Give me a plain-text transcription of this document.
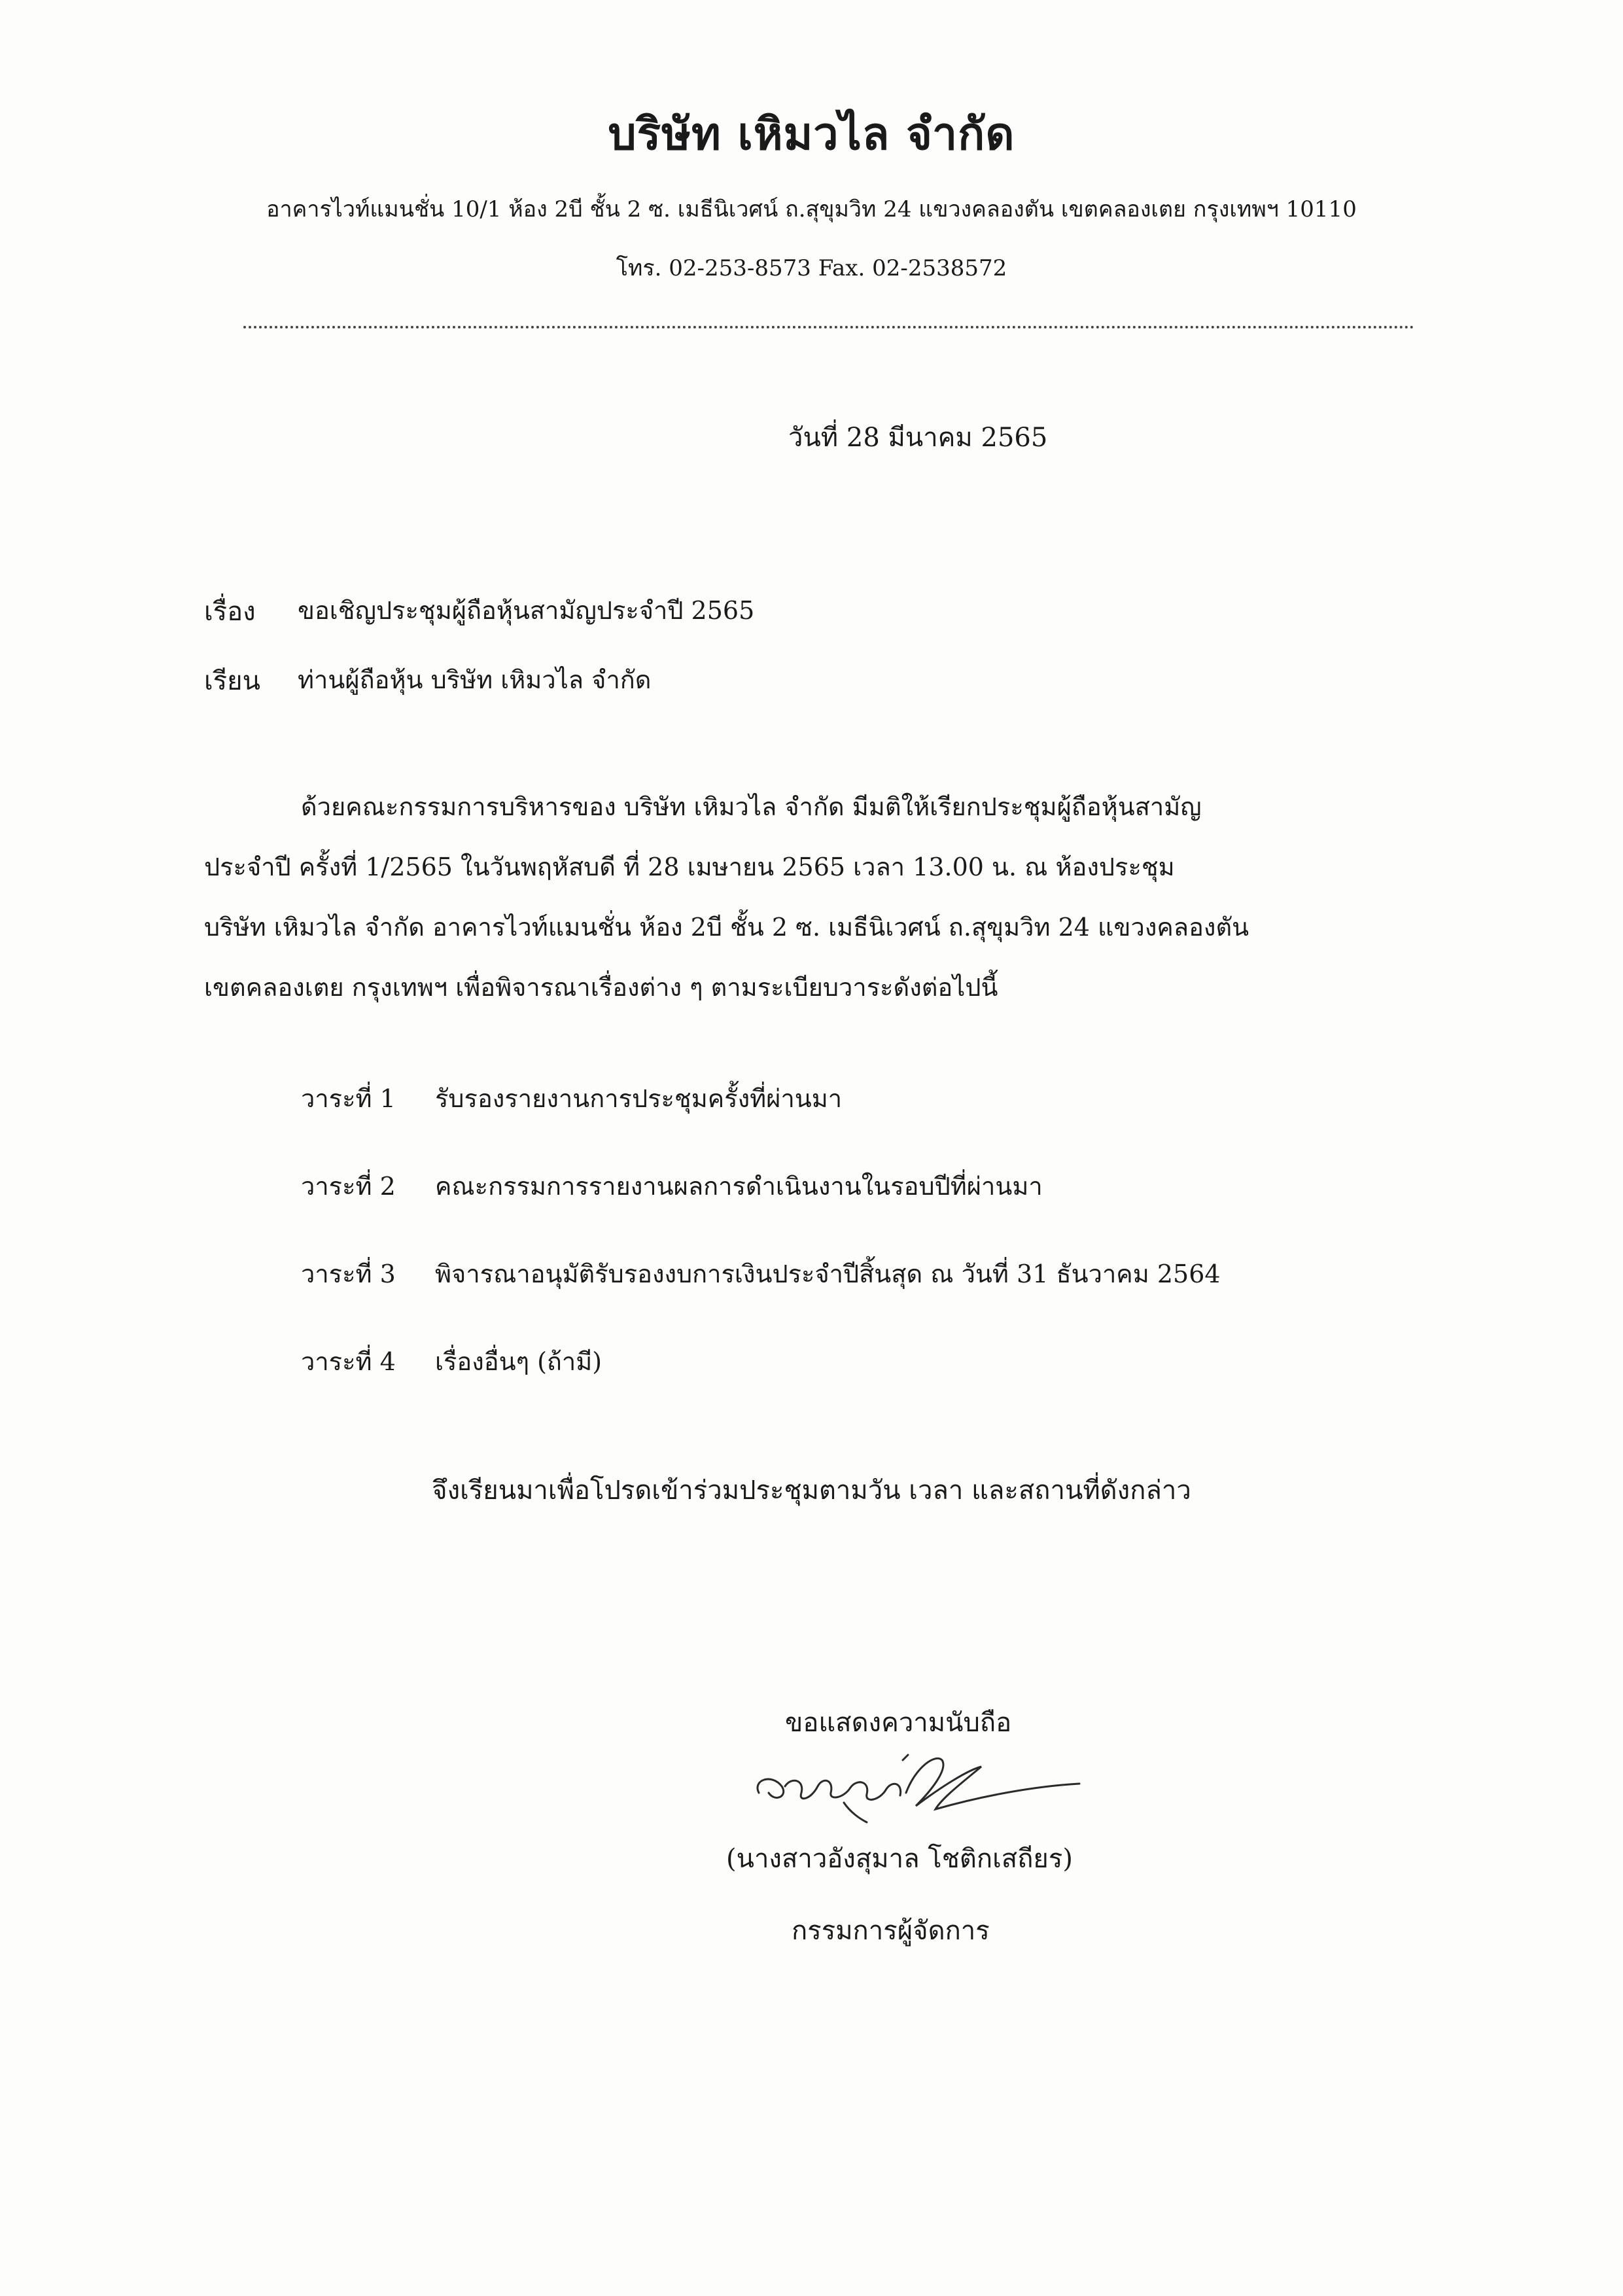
บริษัท เหิมวไล จำกัด
อาคารไวท์แมนชั่น 10/1 ห้อง 2บี ชั้น 2 ซ. เมธีนิเวศน์ ถ.สุขุมวิท 24 แขวงคลองตัน เขตคลองเตย กรุงเทพฯ 10110
โทร. 02-253-8573 Fax. 02-2538572
วันที่ 28 มีนาคม 2565
เรื่อง ขอเชิญประชุมผู้ถือหุ้นสามัญประจำปี 2565
เรียน ท่านผู้ถือหุ้น บริษัท เหิมวไล จำกัด
ด้วยคณะกรรมการบริหารของ บริษัท เหิมวไล จำกัด มีมติให้เรียกประชุมผู้ถือหุ้นสามัญ
ประจำปี ครั้งที่ 1/2565 ในวันพฤหัสบดี ที่ 28 เมษายน 2565 เวลา 13.00 น. ณ ห้องประชุม
บริษัท เหิมวไล จำกัด อาคารไวท์แมนชั่น ห้อง 2บี ชั้น 2 ซ. เมธีนิเวศน์ ถ.สุขุมวิท 24 แขวงคลองตัน
เขตคลองเตย กรุงเทพฯ เพื่อพิจารณาเรื่องต่าง ๆ ตามระเบียบวาระดังต่อไปนี้
วาระที่ 1 รับรองรายงานการประชุมครั้งที่ผ่านมา
วาระที่ 2 คณะกรรมการรายงานผลการดำเนินงานในรอบปีที่ผ่านมา
วาระที่ 3 พิจารณาอนุมัติรับรองงบการเงินประจำปีสิ้นสุด ณ วันที่ 31 ธันวาคม 2564
วาระที่ 4 เรื่องอื่นๆ (ถ้ามี)
จึงเรียนมาเพื่อโปรดเข้าร่วมประชุมตามวัน เวลา และสถานที่ดังกล่าว
ขอแสดงความนับถือ
(นางสาวอังสุมาล โชติกเสถียร)
กรรมการผู้จัดการ
